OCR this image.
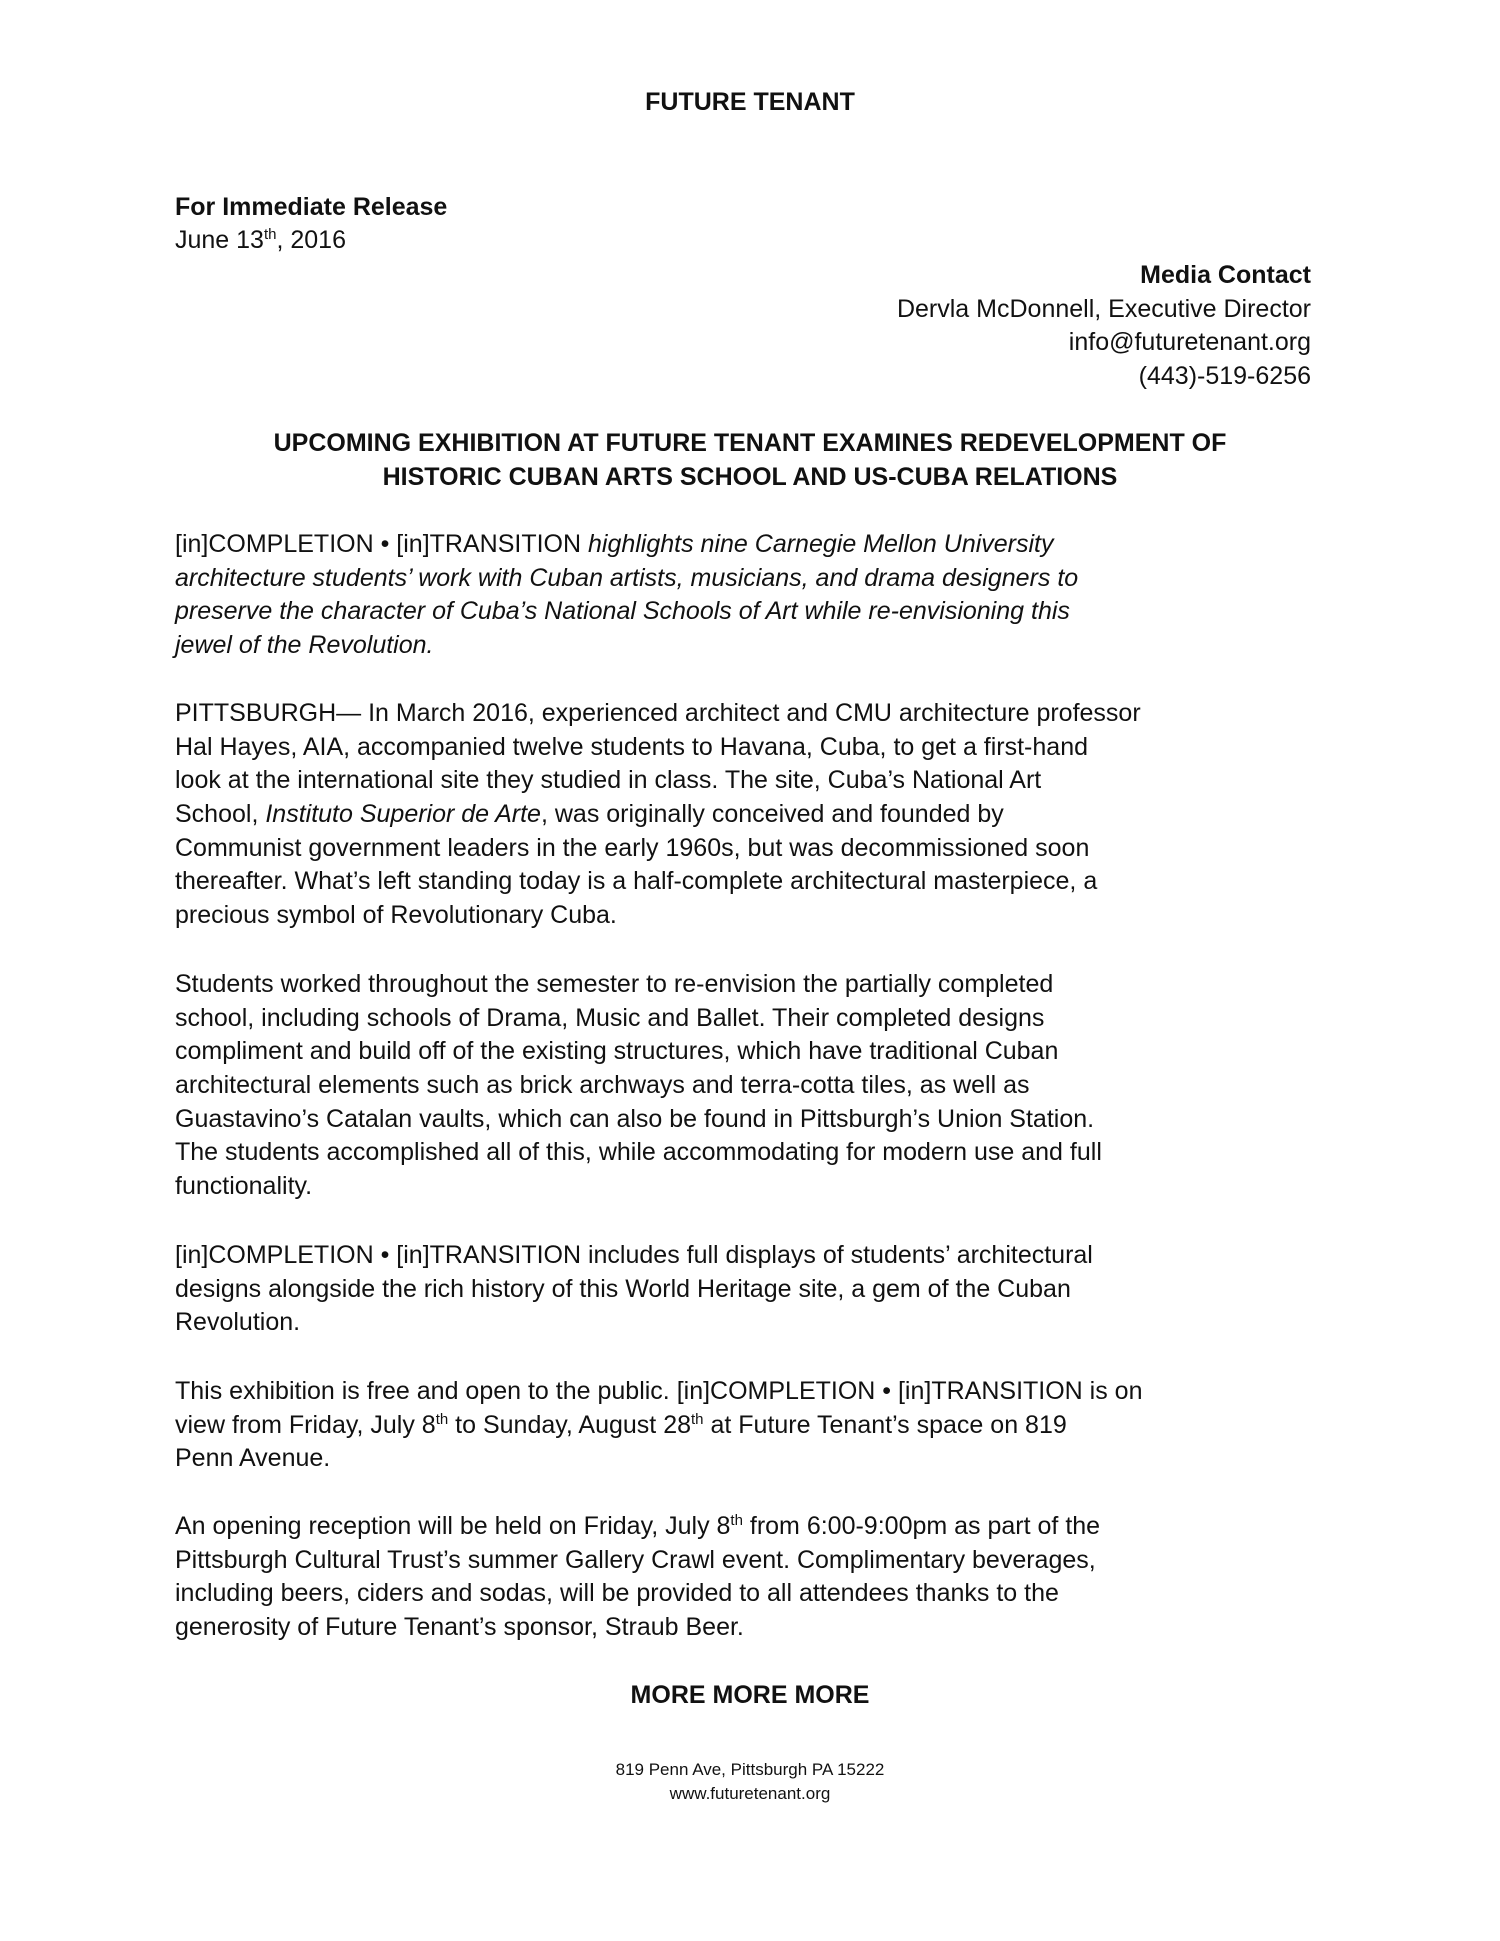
FUTURE TENANT
For Immediate Release
June 13th, 2016
Media Contact
Dervla McDonnell, Executive Director
info@futuretenant.org
(443)-519-6256
UPCOMING EXHIBITION AT FUTURE TENANT EXAMINES REDEVELOPMENT OF
HISTORIC CUBAN ARTS SCHOOL AND US-CUBA RELATIONS
[in]COMPLETION • [in]TRANSITION highlights nine Carnegie Mellon University
architecture students’ work with Cuban artists, musicians, and drama designers to
preserve the character of Cuba’s National Schools of Art while re-envisioning this
jewel of the Revolution.
PITTSBURGH— In March 2016, experienced architect and CMU architecture professor
Hal Hayes, AIA, accompanied twelve students to Havana, Cuba, to get a first-hand
look at the international site they studied in class. The site, Cuba’s National Art
School, Instituto Superior de Arte, was originally conceived and founded by
Communist government leaders in the early 1960s, but was decommissioned soon
thereafter. What’s left standing today is a half-complete architectural masterpiece, a
precious symbol of Revolutionary Cuba.
Students worked throughout the semester to re-envision the partially completed
school, including schools of Drama, Music and Ballet. Their completed designs
compliment and build off of the existing structures, which have traditional Cuban
architectural elements such as brick archways and terra-cotta tiles, as well as
Guastavino’s Catalan vaults, which can also be found in Pittsburgh’s Union Station.
The students accomplished all of this, while accommodating for modern use and full
functionality.
[in]COMPLETION • [in]TRANSITION includes full displays of students’ architectural
designs alongside the rich history of this World Heritage site, a gem of the Cuban
Revolution.
This exhibition is free and open to the public. [in]COMPLETION • [in]TRANSITION is on
view from Friday, July 8th to Sunday, August 28th at Future Tenant’s space on 819
Penn Avenue.
An opening reception will be held on Friday, July 8th from 6:00-9:00pm as part of the
Pittsburgh Cultural Trust’s summer Gallery Crawl event. Complimentary beverages,
including beers, ciders and sodas, will be provided to all attendees thanks to the
generosity of Future Tenant’s sponsor, Straub Beer.
MORE MORE MORE
819 Penn Ave, Pittsburgh PA 15222
www.futuretenant.org
